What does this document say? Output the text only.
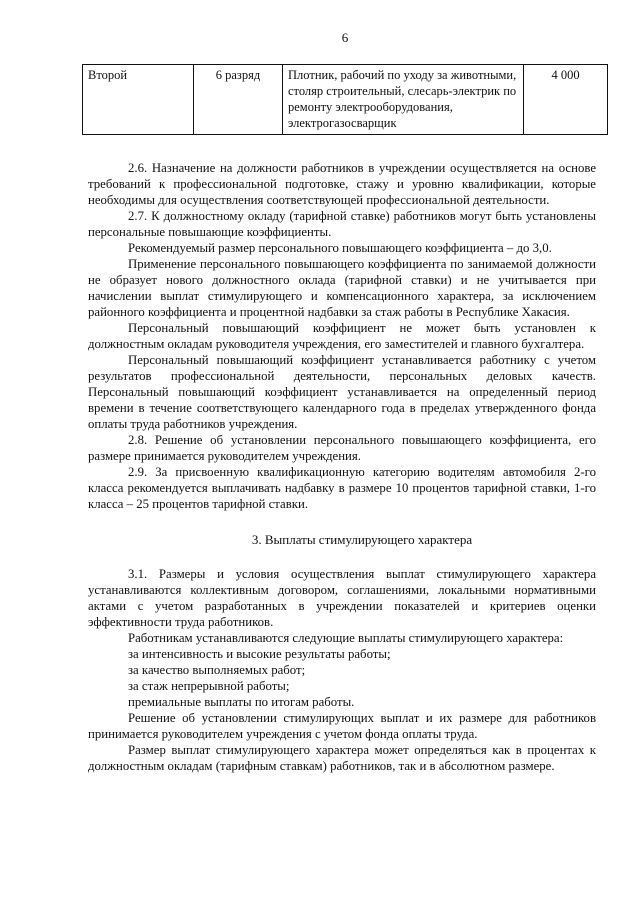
6
Второй	6 разряд	Плотник, рабочий по уходу за животными, столяр строительный, слесарь-электрик по ремонту электрооборудования, электрогазосварщик	4 000

2.6. Назначение на должности работников в учреждении осуществляется на основе требований к профессиональной подготовке, стажу и уровню квалификации, которые необходимы для осуществления соответствующей профессиональной деятельности.

2.7. К должностному окладу (тарифной ставке) работников могут быть установлены персональные повышающие коэффициенты.

Рекомендуемый размер персонального повышающего коэффициента – до 3,0.

Применение персонального повышающего коэффициента по занимаемой должности не образует нового должностного оклада (тарифной ставки) и не учитывается при начислении выплат стимулирующего и компенсационного характера, за исключением районного коэффициента и процентной надбавки за стаж работы в Республике Хакасия.

Персональный повышающий коэффициент не может быть установлен к должностным окладам руководителя учреждения, его заместителей и главного бухгалтера.

Персональный повышающий коэффициент устанавливается работнику с учетом результатов профессиональной деятельности, персональных деловых качеств. Персональный повышающий коэффициент устанавливается на определенный период времени в течение соответствующего календарного года в пределах утвержденного фонда оплаты труда работников учреждения.

2.8. Решение об установлении персонального повышающего коэффициента, его размере принимается руководителем учреждения.

2.9. За присвоенную квалификационную категорию водителям автомобиля 2-го класса рекомендуется выплачивать надбавку в размере 10 процентов тарифной ставки, 1-го класса – 25 процентов тарифной ставки.

3. Выплаты стимулирующего характера

3.1. Размеры и условия осуществления выплат стимулирующего характера устанавливаются коллективным договором, соглашениями, локальными нормативными актами с учетом разработанных в учреждении показателей и критериев оценки эффективности труда работников.

Работникам устанавливаются следующие выплаты стимулирующего характера:

за интенсивность и высокие результаты работы;

за качество выполняемых работ;

за стаж непрерывной работы;

премиальные выплаты по итогам работы.

Решение об установлении стимулирующих выплат и их размере для работников принимается руководителем учреждения с учетом фонда оплаты труда.

Размер выплат стимулирующего характера может определяться как в процентах к должностным окладам (тарифным ставкам) работников, так и в абсолютном размере.
